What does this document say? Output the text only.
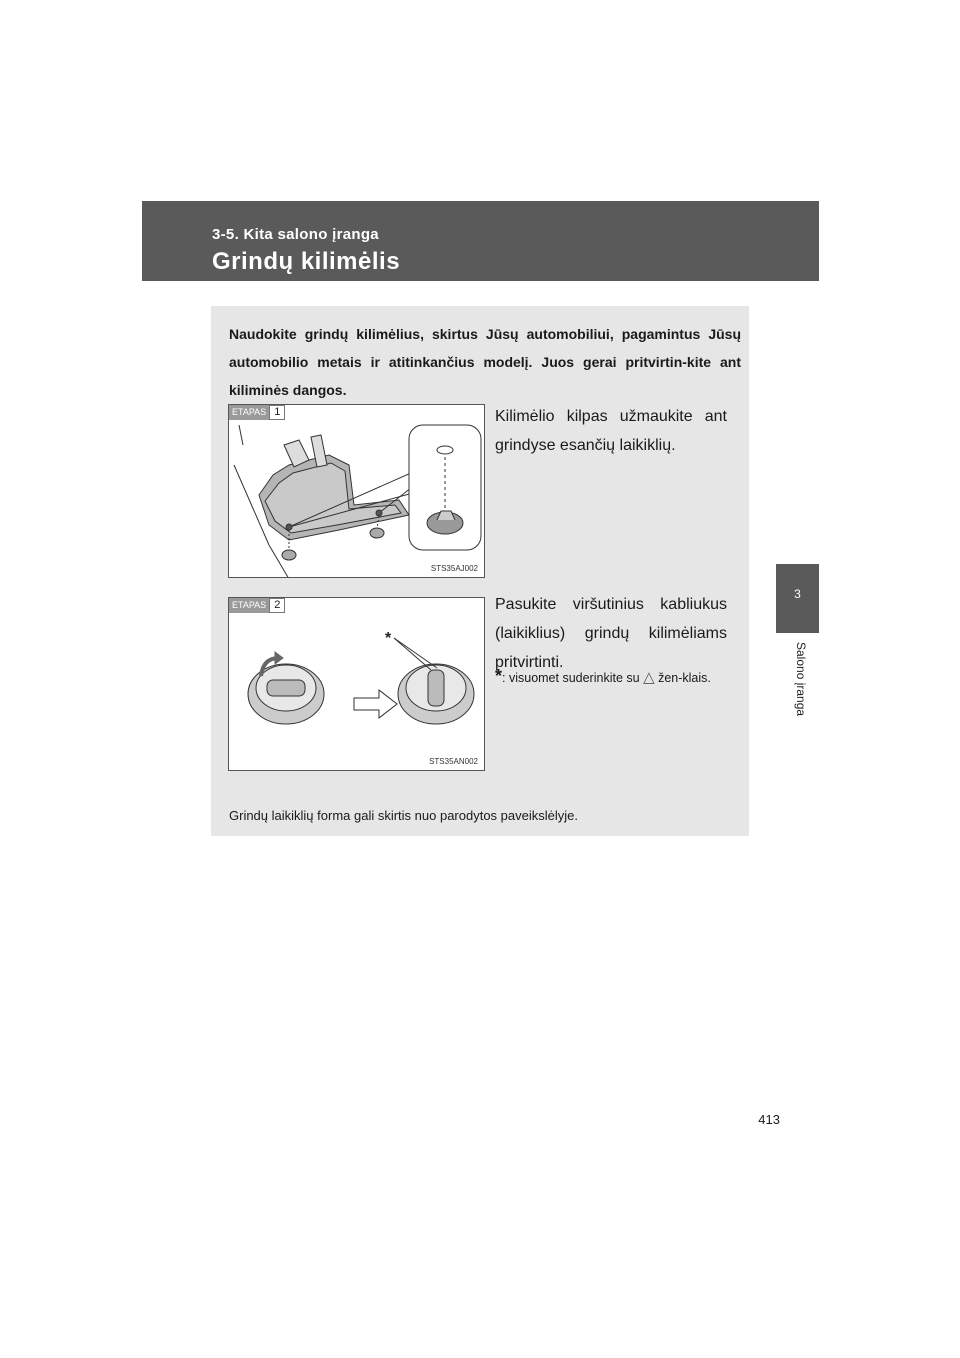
3-5. Kita salono įranga
Grindų kilimėlis
3
Salono įranga
Naudokite grindų kilimėlius, skirtus Jūsų automobiliui, pagamintus Jūsų automobilio metais ir atitinkančius modelį. Juos gerai pritvirtin-kite ant kiliminės dangos.
ETAPAS 1
STS35AJ002
Kilimėlio kilpas užmaukite ant grindyse esančių laikiklių.
*
ETAPAS 2
STS35AN002
Pasukite viršutinius kabliukus (laikiklius) grindų kilimėliams pritvirtinti.
*: visuomet suderinkite su △ žen-klais.
Grindų laikiklių forma gali skirtis nuo parodytos paveikslėlyje.
413
